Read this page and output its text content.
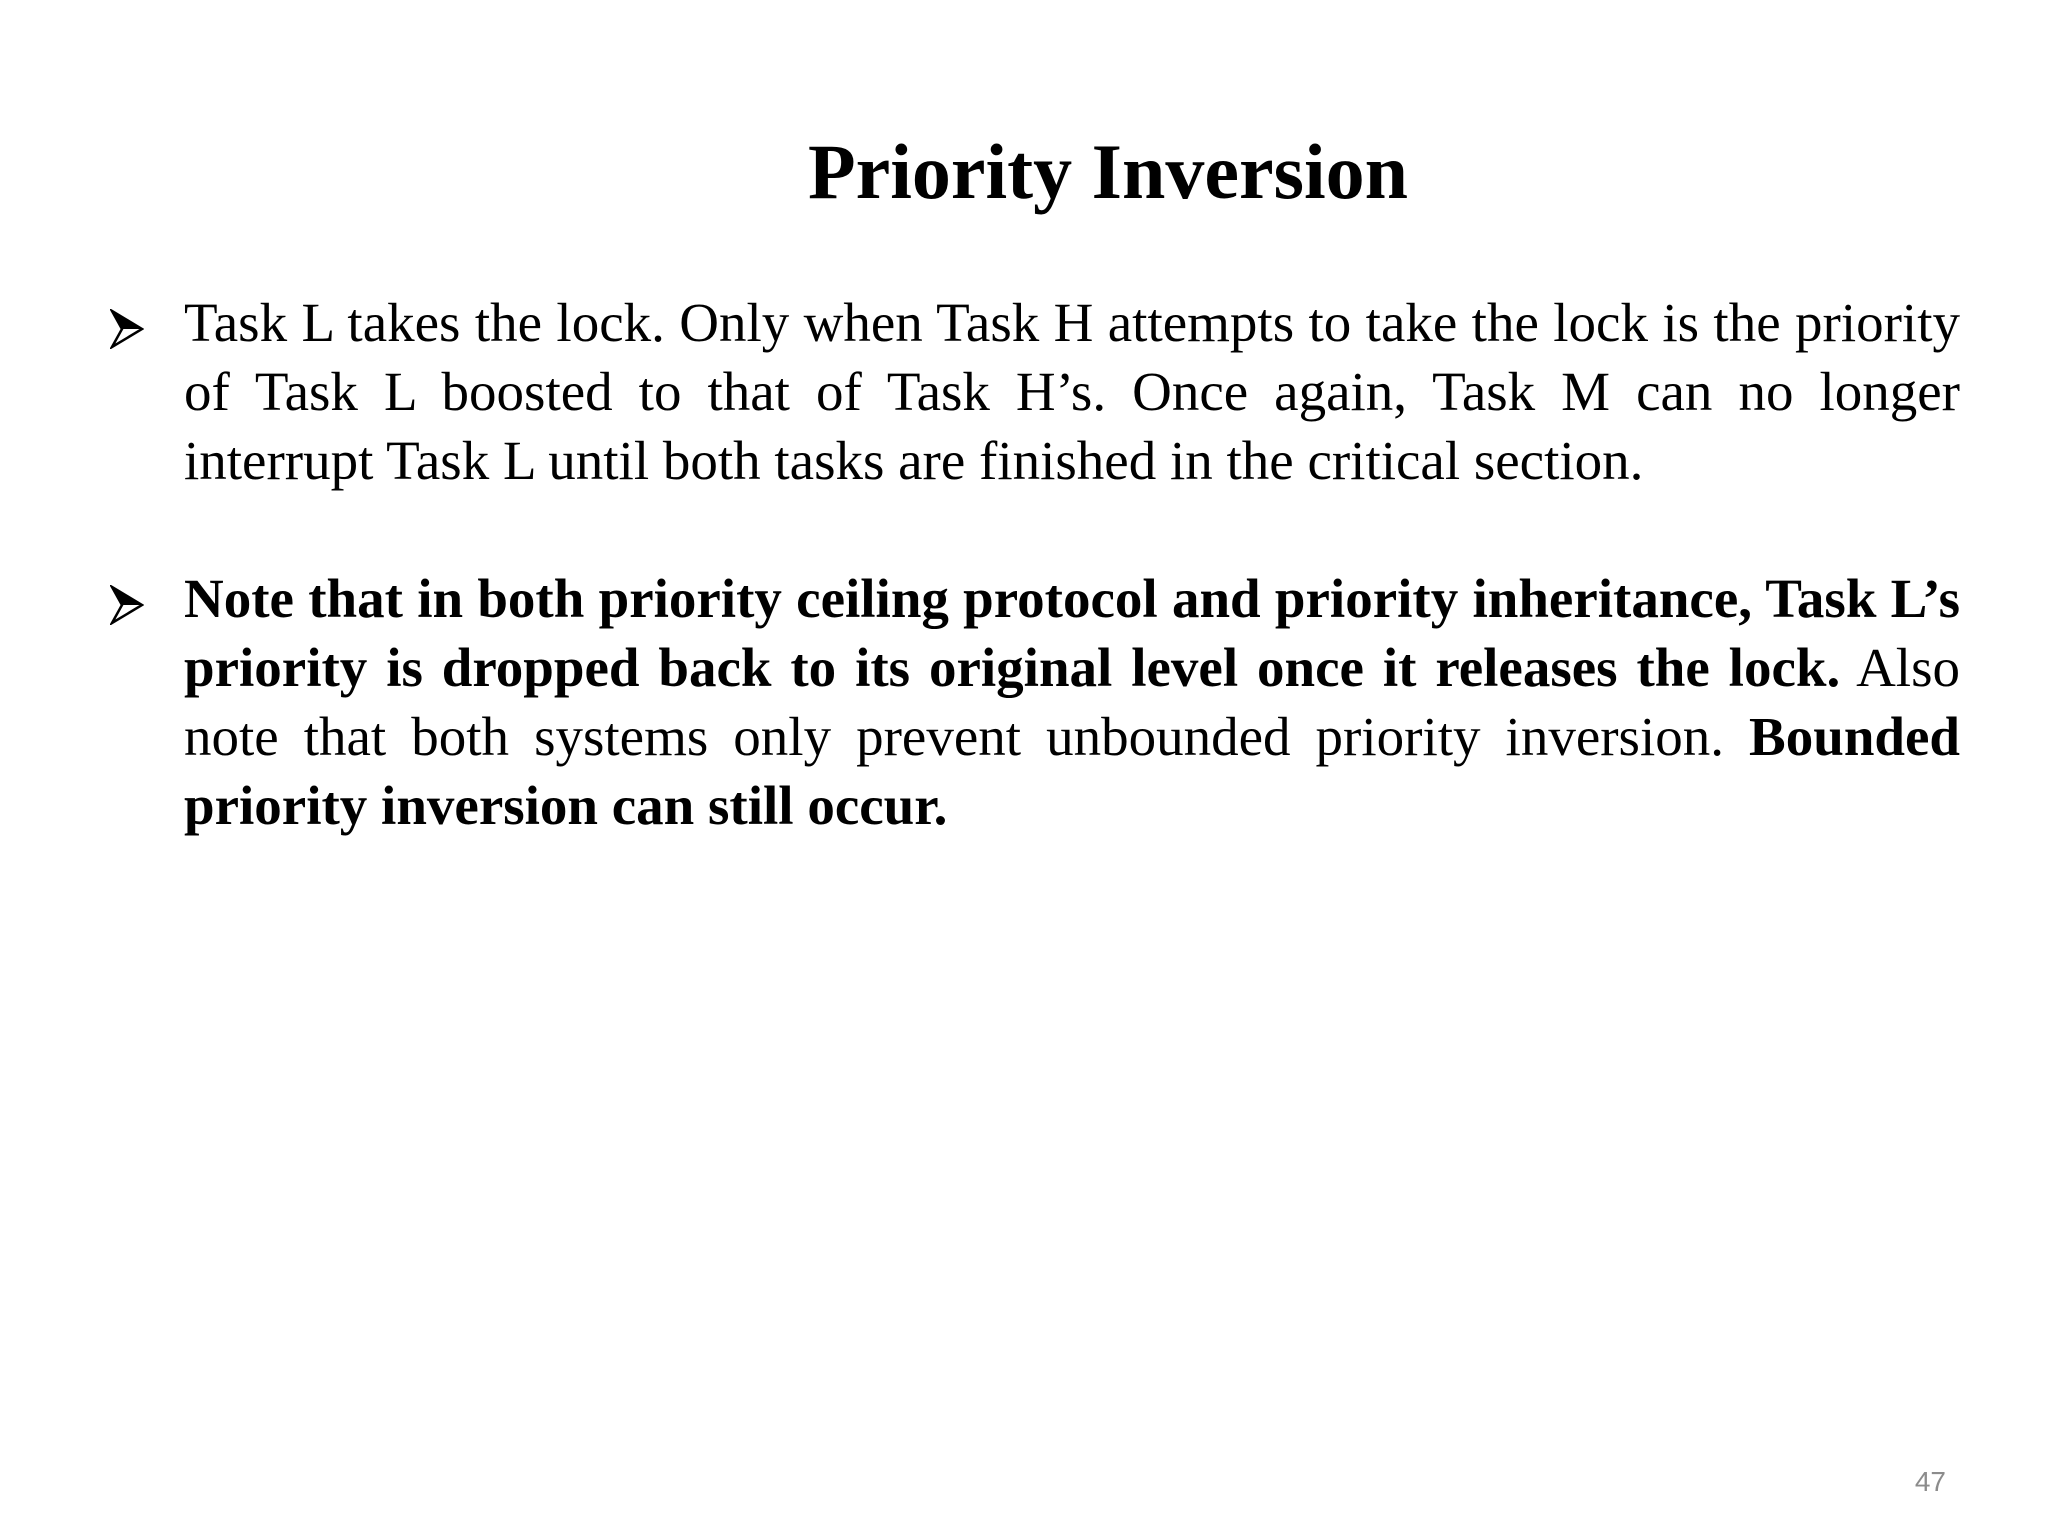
Priority Inversion
Task L takes the lock. Only when Task H attempts to take the lock is the priority of Task L boosted to that of Task H’s. Once again, Task M can no longer interrupt Task L until both tasks are finished in the critical section.
Note that in both priority ceiling protocol and priority inheritance, Task L’s priority is dropped back to its original level once it releases the lock. Also note that both systems only prevent unbounded priority inversion. Bounded priority inversion can still occur.
47
